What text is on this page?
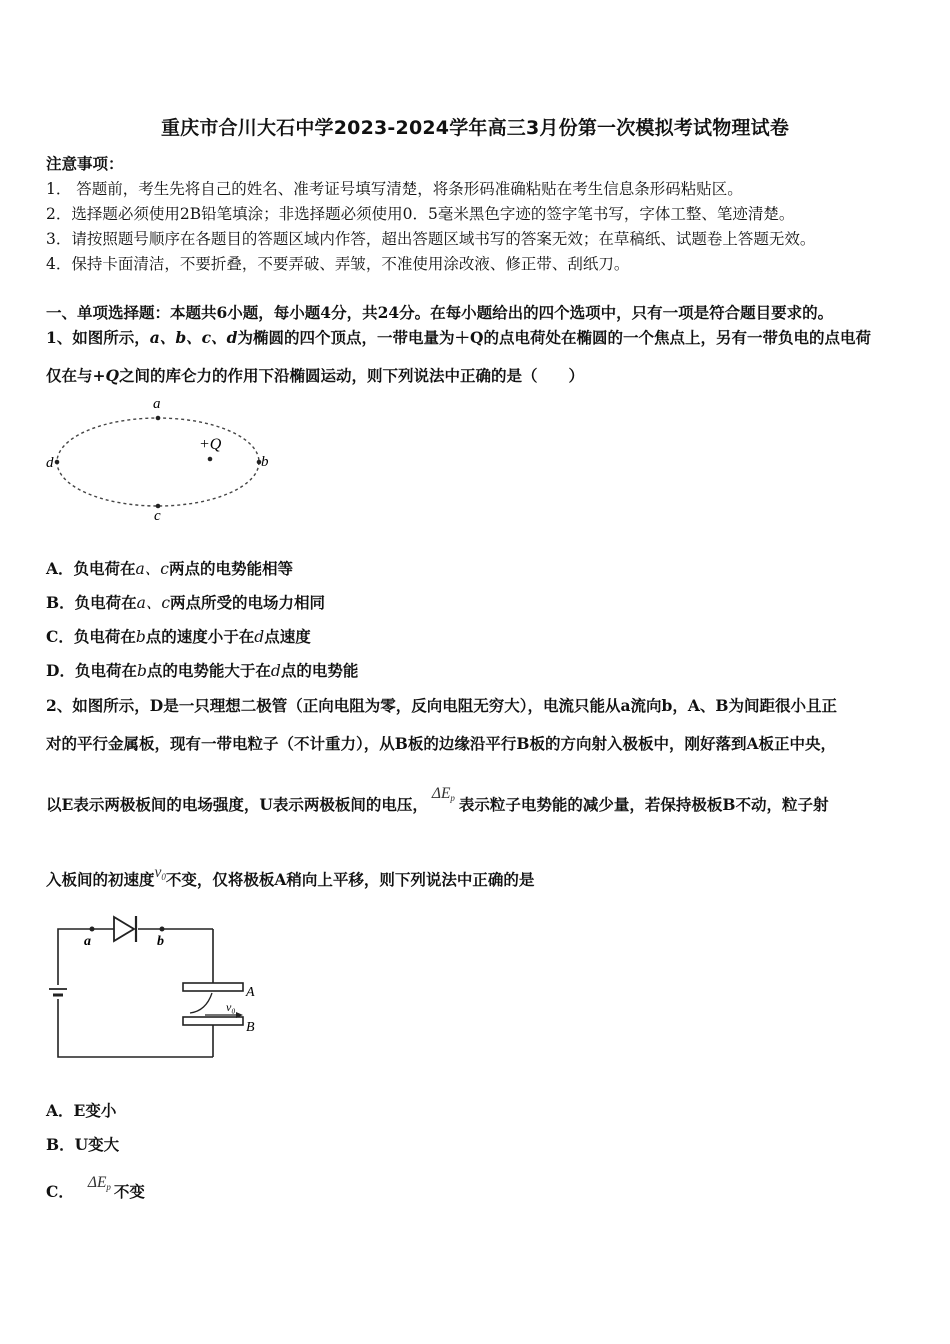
重庆市合川大石中学2023-2024学年高三3月份第一次模拟考试物理试卷
注意事项：
1． 答题前，考生先将自己的姓名、准考证号填写清楚，将条形码准确粘贴在考生信息条形码粘贴区。
2．选择题必须使用2B铅笔填涂；非选择题必须使用0．5毫米黑色字迹的签字笔书写，字体工整、笔迹清楚。
3．请按照题号顺序在各题目的答题区域内作答，超出答题区域书写的答案无效；在草稿纸、试题卷上答题无效。
4．保持卡面清洁，不要折叠，不要弄破、弄皱，不准使用涂改液、修正带、刮纸刀。
一、单项选择题：本题共6小题，每小题4分，共24分。在每小题给出的四个选项中，只有一项是符合题目要求的。
1、如图所示，a、b、c、d为椭圆的四个顶点，一带电量为＋Q的点电荷处在椭圆的一个焦点上，另有一带负电的点电荷
仅在与+Q之间的库仑力的作用下沿椭圆运动，则下列说法中正确的是（　　）
a
b
c
d
+Q
A．负电荷在a、c两点的电势能相等
B．负电荷在a、c两点所受的电场力相同
C．负电荷在b点的速度小于在d点速度
D．负电荷在b点的电势能大于在d点的电势能
2、如图所示，D是一只理想二极管（正向电阻为零，反向电阻无穷大），电流只能从a流向b，A、B为间距很小且正
对的平行金属板，现有一带电粒子（不计重力），从B板的边缘沿平行B板的方向射入极板中，刚好落到A板正中央，
以E表示两极板间的电场强度，U表示两极板间的电压，$\Delta E_p$ 表示粒子电势能的减少量，若保持极板B不动，粒子射
入板间的初速度$v_0$不变，仅将极板A稍向上平移，则下列说法中正确的是
a	b
A
B
v₀
A．E变小
B．U变大
C． $\Delta E_p$ 不变
